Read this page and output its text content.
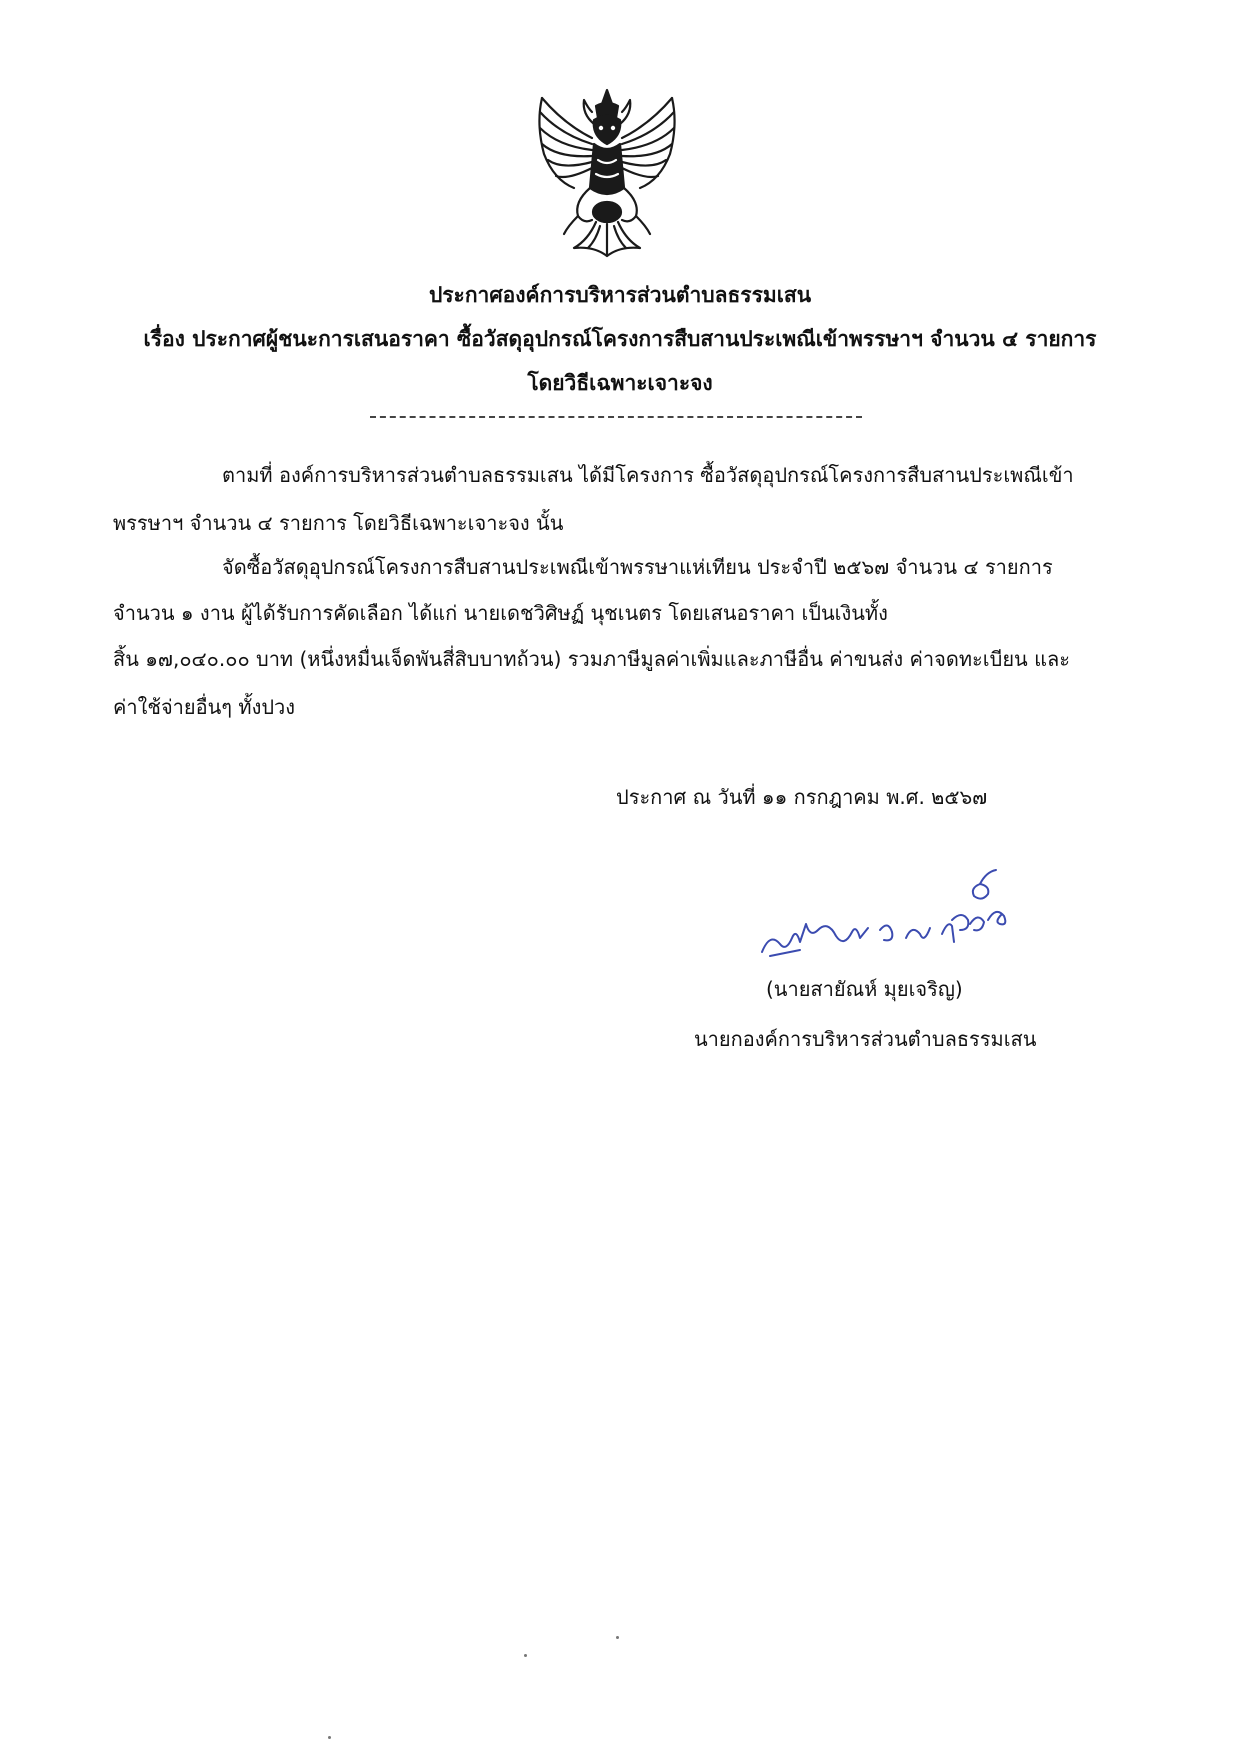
ประกาศองค์การบริหารส่วนตำบลธรรมเสน
เรื่อง ประกาศผู้ชนะการเสนอราคา ซื้อวัสดุอุปกรณ์โครงการสืบสานประเพณีเข้าพรรษาฯ จำนวน ๔ รายการ
โดยวิธีเฉพาะเจาะจง
ตามที่ องค์การบริหารส่วนตำบลธรรมเสน ได้มีโครงการ ซื้อวัสดุอุปกรณ์โครงการสืบสานประเพณีเข้า
พรรษาฯ จำนวน ๔ รายการ โดยวิธีเฉพาะเจาะจง นั้น
จัดซื้อวัสดุอุปกรณ์โครงการสืบสานประเพณีเข้าพรรษาแห่เทียน ประจำปี ๒๕๖๗ จำนวน ๔ รายการ
จำนวน ๑ งาน ผู้ได้รับการคัดเลือก ได้แก่ นายเดชวิศิษฏ์ นุชเนตร โดยเสนอราคา เป็นเงินทั้ง
สิ้น ๑๗,๐๔๐.๐๐ บาท (หนึ่งหมื่นเจ็ดพันสี่สิบบาทถ้วน) รวมภาษีมูลค่าเพิ่มและภาษีอื่น ค่าขนส่ง ค่าจดทะเบียน และ
ค่าใช้จ่ายอื่นๆ ทั้งปวง
ประกาศ ณ วันที่ ๑๑ กรกฎาคม พ.ศ. ๒๕๖๗
(นายสายัณห์ มุยเจริญ)
นายกองค์การบริหารส่วนตำบลธรรมเสน
